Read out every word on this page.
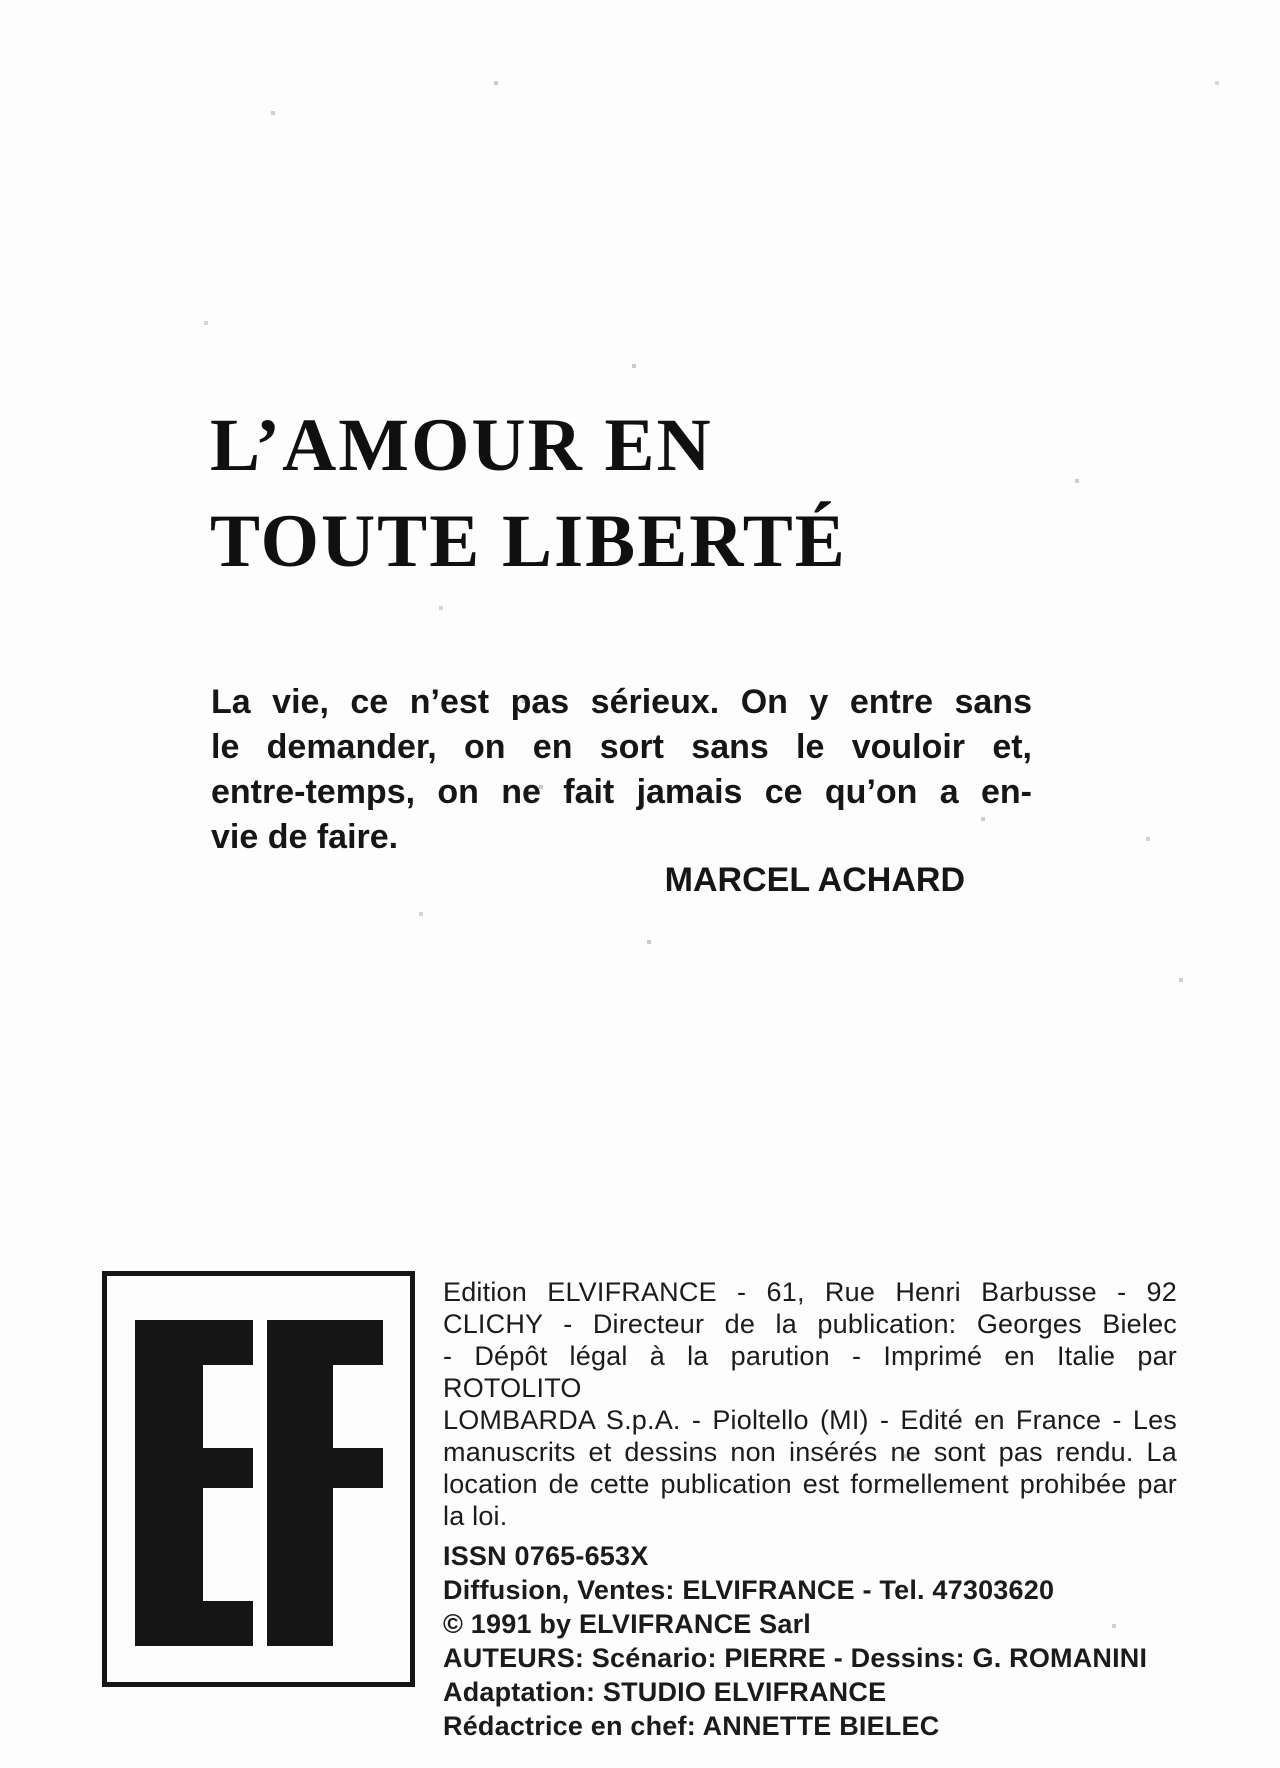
L’AMOUR EN
TOUTE LIBERTÉ
La vie, ce n’est pas sérieux. On y entre sans
le demander, on en sort sans le vouloir et,
entre-temps, on ne fait jamais ce qu’on a en-
vie de faire.
MARCEL ACHARD
Edition ELVIFRANCE - 61, Rue Henri Barbusse - 92
CLICHY - Directeur de la publication: Georges Bielec
- Dépôt légal à la parution - Imprimé en Italie par ROTOLITO
LOMBARDA S.p.A. - Pioltello (MI) - Edité en France - Les
manuscrits et dessins non insérés ne sont pas rendu. La
location de cette publication est formellement prohibée par
la loi.
ISSN 0765-653X
Diffusion, Ventes: ELVIFRANCE - Tel. 47303620
© 1991 by ELVIFRANCE Sarl
AUTEURS: Scénario: PIERRE - Dessins: G. ROMANINI
Adaptation: STUDIO ELVIFRANCE
Rédactrice en chef: ANNETTE BIELEC
